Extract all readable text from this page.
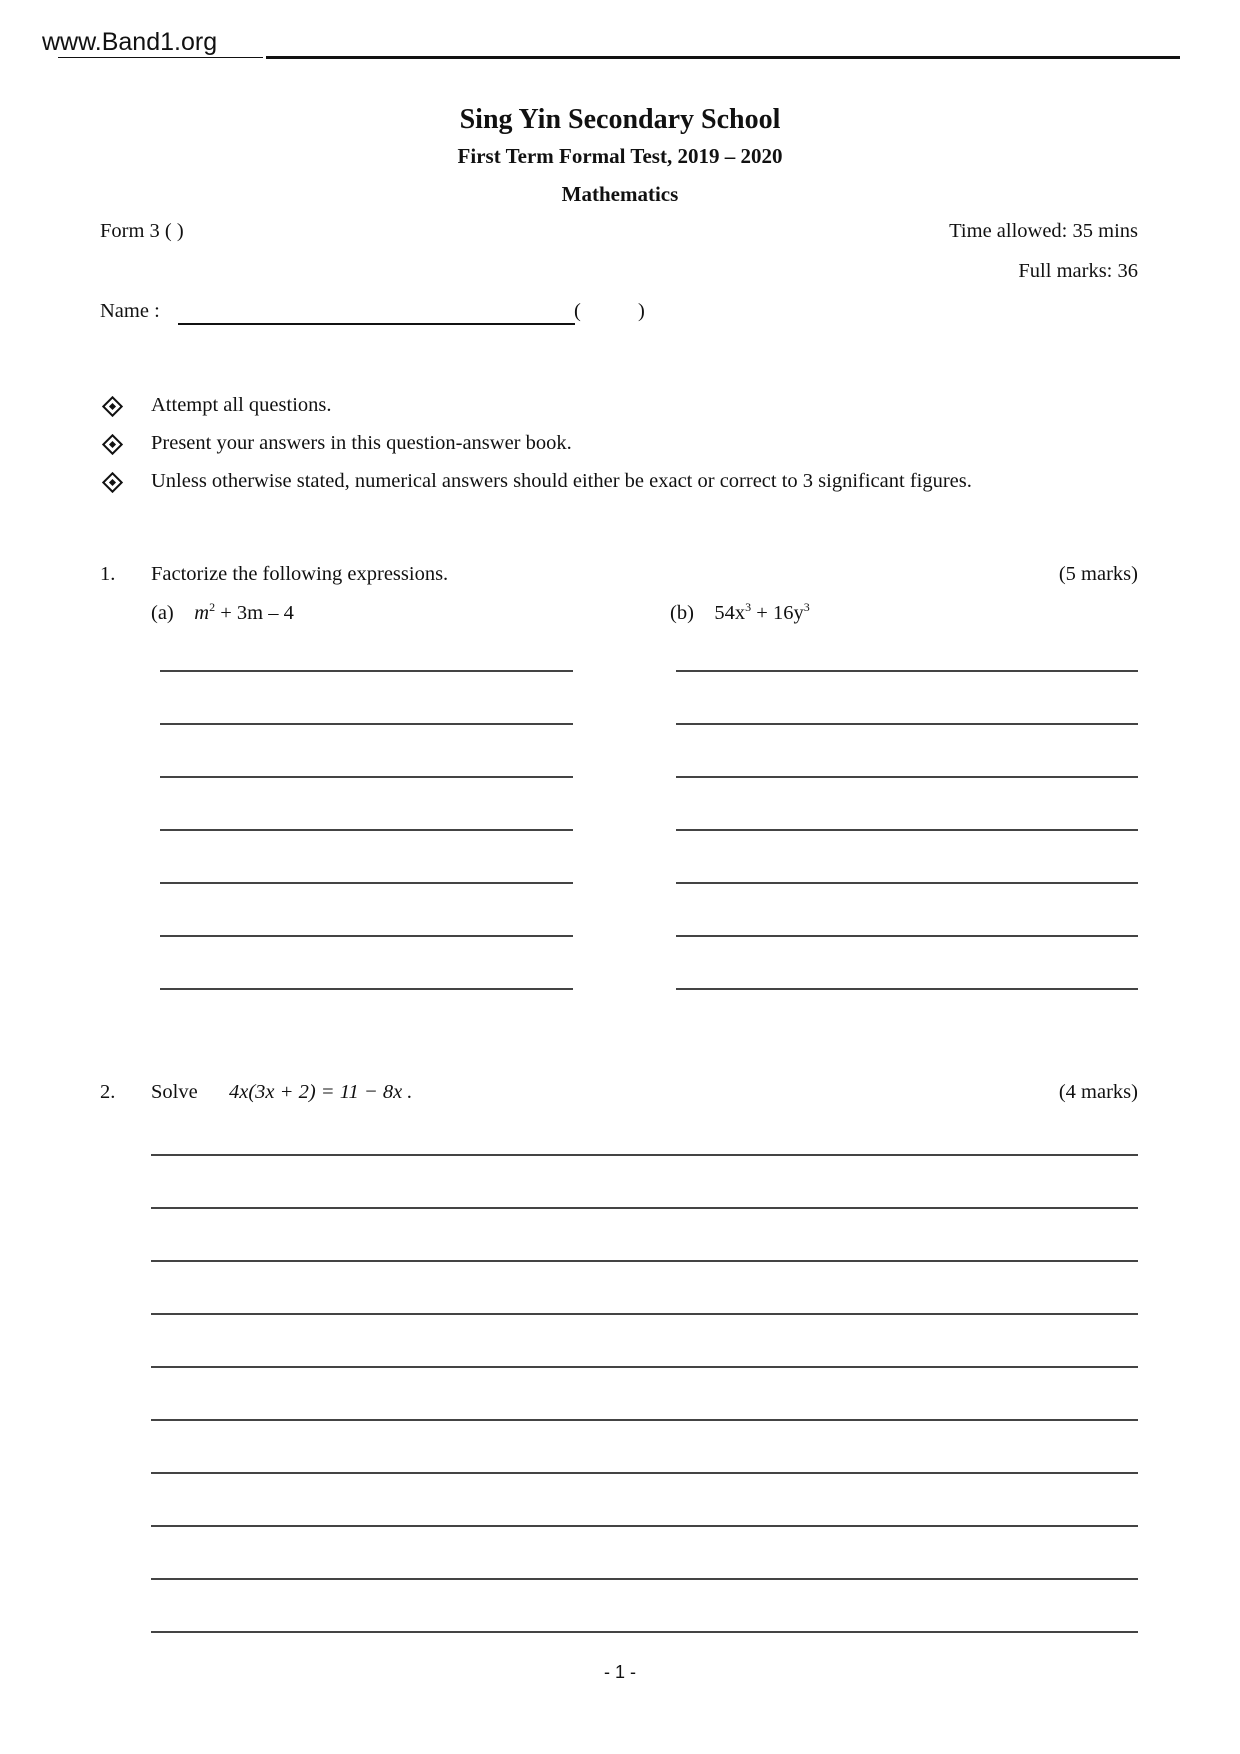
www.Band1.org
Sing Yin Secondary School
First Term Formal Test, 2019 – 2020
Mathematics
Form 3 ( )	Time allowed: 35 mins
Full marks: 36
Name :	(	)
Attempt all questions.
Present your answers in this question-answer book.
Unless otherwise stated, numerical answers should either be exact or correct to 3 significant figures.
1. Factorize the following expressions.	(5 marks)
(a) $m^2 + 3m - 4$	(b) $54x^3 + 16y^3$
2. Solve 4x(3x + 2) = 11 − 8x .	(4 marks)
- 1 -
